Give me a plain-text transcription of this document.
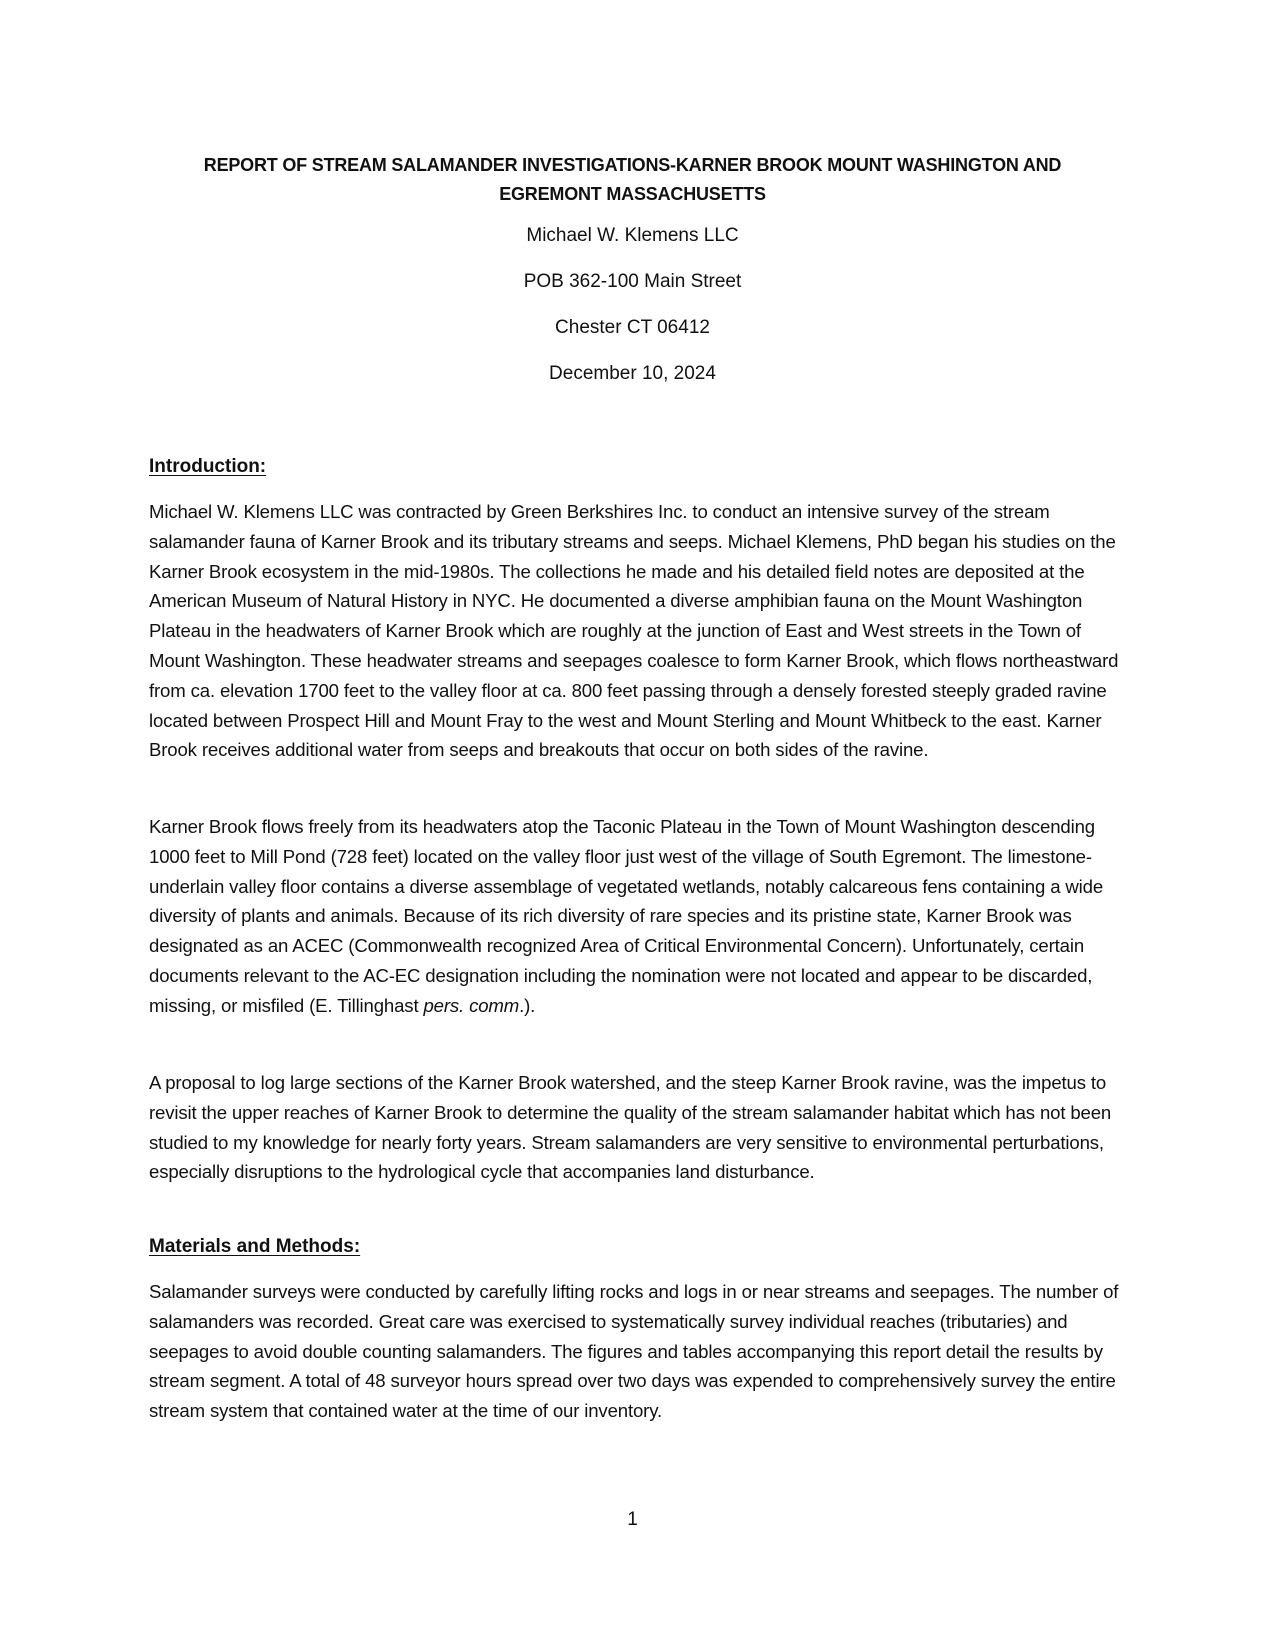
REPORT OF STREAM SALAMANDER INVESTIGATIONS-KARNER BROOK MOUNT WASHINGTON AND
EGREMONT MASSACHUSETTS
Michael W. Klemens LLC
POB 362-100 Main Street
Chester CT 06412
December 10, 2024
Introduction:

Michael W. Klemens LLC was contracted by Green Berkshires Inc. to conduct an intensive survey of the stream salamander fauna of Karner Brook and its tributary streams and seeps. Michael Klemens, PhD began his studies on the Karner Brook ecosystem in the mid-1980s. The collections he made and his detailed field notes are deposited at the American Museum of Natural History in NYC. He documented a diverse amphibian fauna on the Mount Washington Plateau in the headwaters of Karner Brook which are roughly at the junction of East and West streets in the Town of Mount Washington. These headwater streams and seepages coalesce to form Karner Brook, which flows northeastward from ca. elevation 1700 feet to the valley floor at ca. 800 feet passing through a densely forested steeply graded ravine located between Prospect Hill and Mount Fray to the west and Mount Sterling and Mount Whitbeck to the east. Karner Brook receives additional water from seeps and breakouts that occur on both sides of the ravine.

Karner Brook flows freely from its headwaters atop the Taconic Plateau in the Town of Mount Washington descending 1000 feet to Mill Pond (728 feet) located on the valley floor just west of the village of South Egremont. The limestone-underlain valley floor contains a diverse assemblage of vegetated wetlands, notably calcareous fens containing a wide diversity of plants and animals. Because of its rich diversity of rare species and its pristine state, Karner Brook was designated as an ACEC (Commonwealth recognized Area of Critical Environmental Concern). Unfortunately, certain documents relevant to the AC-EC designation including the nomination were not located and appear to be discarded, missing, or misfiled (E. Tillinghast pers. comm.).

A proposal to log large sections of the Karner Brook watershed, and the steep Karner Brook ravine, was the impetus to revisit the upper reaches of Karner Brook to determine the quality of the stream salamander habitat which has not been studied to my knowledge for nearly forty years. Stream salamanders are very sensitive to environmental perturbations, especially disruptions to the hydrological cycle that accompanies land disturbance.

Materials and Methods:

Salamander surveys were conducted by carefully lifting rocks and logs in or near streams and seepages. The number of salamanders was recorded. Great care was exercised to systematically survey individual reaches (tributaries) and seepages to avoid double counting salamanders. The figures and tables accompanying this report detail the results by stream segment. A total of 48 surveyor hours spread over two days was expended to comprehensively survey the entire stream system that contained water at the time of our inventory.

1
